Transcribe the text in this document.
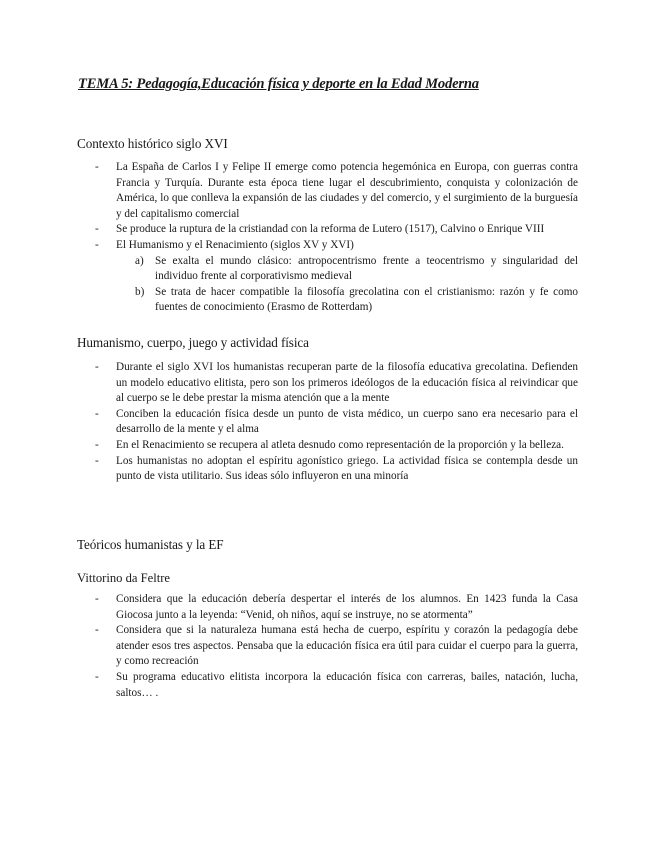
TEMA 5: Pedagogía,Educación física y deporte en la Edad Moderna
Contexto histórico siglo XVI
- La España de Carlos I y Felipe II emerge como potencia hegemónica en Europa, con guerras contra Francia y Turquía. Durante esta época tiene lugar el descubrimiento, conquista y colonización de América, lo que conlleva la expansión de las ciudades y del comercio, y el surgimiento de la burguesía y del capitalismo comercial
- Se produce la ruptura de la cristiandad con la reforma de Lutero (1517), Calvino o Enrique VIII
- El Humanismo y el Renacimiento (siglos XV y XVI)
a) Se exalta el mundo clásico: antropocentrismo frente a teocentrismo y singularidad del individuo frente al corporativismo medieval
b) Se trata de hacer compatible la filosofía grecolatina con el cristianismo: razón y fe como fuentes de conocimiento (Erasmo de Rotterdam)
Humanismo, cuerpo, juego y actividad física
- Durante el siglo XVI los humanistas recuperan parte de la filosofía educativa grecolatina. Defienden un modelo educativo elitista, pero son los primeros ideólogos de la educación física al reivindicar que al cuerpo se le debe prestar la misma atención que a la mente
- Conciben la educación física desde un punto de vista médico, un cuerpo sano era necesario para el desarrollo de la mente y el alma
- En el Renacimiento se recupera al atleta desnudo como representación de la proporción y la belleza.
- Los humanistas no adoptan el espíritu agonístico griego. La actividad física se contempla desde un punto de vista utilitario. Sus ideas sólo influyeron en una minoría
Teóricos humanistas y la EF
Vittorino da Feltre
- Considera que la educación debería despertar el interés de los alumnos. En 1423 funda la Casa Giocosa junto a la leyenda: “Venid, oh niños, aquí se instruye, no se atormenta”
- Considera que si la naturaleza humana está hecha de cuerpo, espíritu y corazón la pedagogía debe atender esos tres aspectos. Pensaba que la educación física era útil para cuidar el cuerpo para la guerra, y como recreación
- Su programa educativo elitista incorpora la educación física con carreras, bailes, natación, lucha, saltos… .
